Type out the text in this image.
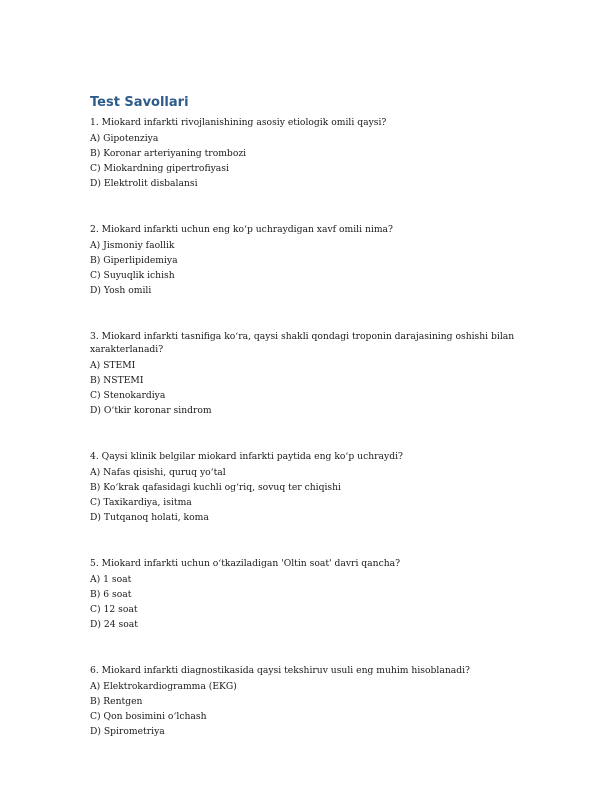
Test Savollari

1. Miokard infarkti rivojlanishining asosiy etiologik omili qaysi?

A) Gipotenziya

B) Koronar arteriyaning trombozi

C) Miokardning gipertrofiyasi

D) Elektrolit disbalansi

2. Miokard infarkti uchun eng ko‘p uchraydigan xavf omili nima?

A) Jismoniy faollik

B) Giperlipidemiya

C) Suyuqlik ichish

D) Yosh omili

3. Miokard infarkti tasnifiga ko‘ra, qaysi shakli qondagi troponin darajasining oshishi bilan xarakterlanadi?

A) STEMI

B) NSTEMI

C) Stenokardiya

D) O‘tkir koronar sindrom

4. Qaysi klinik belgilar miokard infarkti paytida eng ko‘p uchraydi?

A) Nafas qisishi, quruq yo‘tal

B) Ko‘krak qafasidagi kuchli og‘riq, sovuq ter chiqishi

C) Taxikardiya, isitma

D) Tutqanoq holati, koma

5. Miokard infarkti uchun o‘tkaziladigan 'Oltin soat' davri qancha?

A) 1 soat

B) 6 soat

C) 12 soat

D) 24 soat

6. Miokard infarkti diagnostikasida qaysi tekshiruv usuli eng muhim hisoblanadi?

A) Elektrokardiogramma (EKG)

B) Rentgen

C) Qon bosimini o‘lchash

D) Spirometriya
